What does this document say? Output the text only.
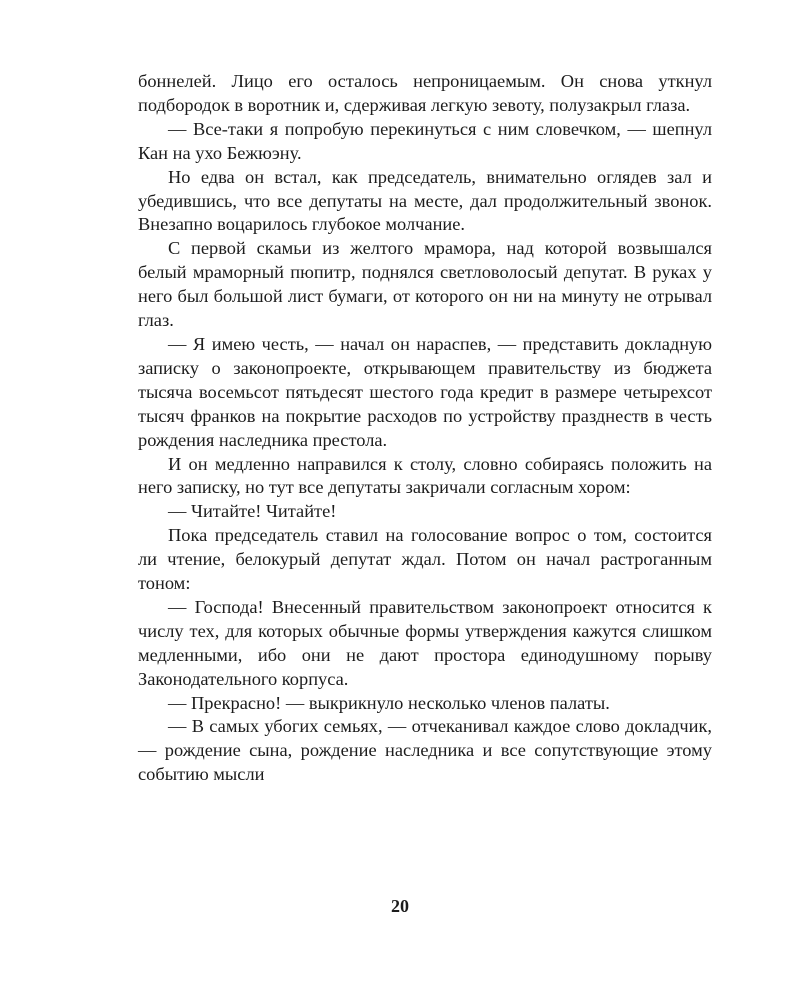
боннелей. Лицо его осталось непроницаемым. Он снова уткнул подбородок в воротник и, сдерживая легкую зевоту, полузакрыл глаза.

— Все-таки я попробую перекинуться с ним словечком, — шепнул Кан на ухо Бежюэну.

Но едва он встал, как председатель, внимательно оглядев зал и убедившись, что все депутаты на месте, дал продолжительный звонок. Внезапно воцарилось глубокое молчание.

С первой скамьи из желтого мрамора, над которой возвышался белый мраморный пюпитр, поднялся светловолосый депутат. В руках у него был большой лист бумаги, от которого он ни на минуту не отрывал глаз.

— Я имею честь, — начал он нараспев, — представить докладную записку о законопроекте, открывающем правительству из бюджета тысяча восемьсот пятьдесят шестого года кредит в размере четырехсот тысяч франков на покрытие расходов по устройству празднеств в честь рождения наследника престола.

И он медленно направился к столу, словно собираясь положить на него записку, но тут все депутаты закричали согласным хором:

— Читайте! Читайте!

Пока председатель ставил на голосование вопрос о том, состоится ли чтение, белокурый депутат ждал. Потом он начал растроганным тоном:

— Господа! Внесенный правительством законопроект относится к числу тех, для которых обычные формы утверждения кажутся слишком медленными, ибо они не дают простора единодушному порыву Законодательного корпуса.

— Прекрасно! — выкрикнуло несколько членов палаты.

— В самых убогих семьях, — отчеканивал каждое слово докладчик, — рождение сына, рождение наследника и все сопутствующие этому событию мысли

20
